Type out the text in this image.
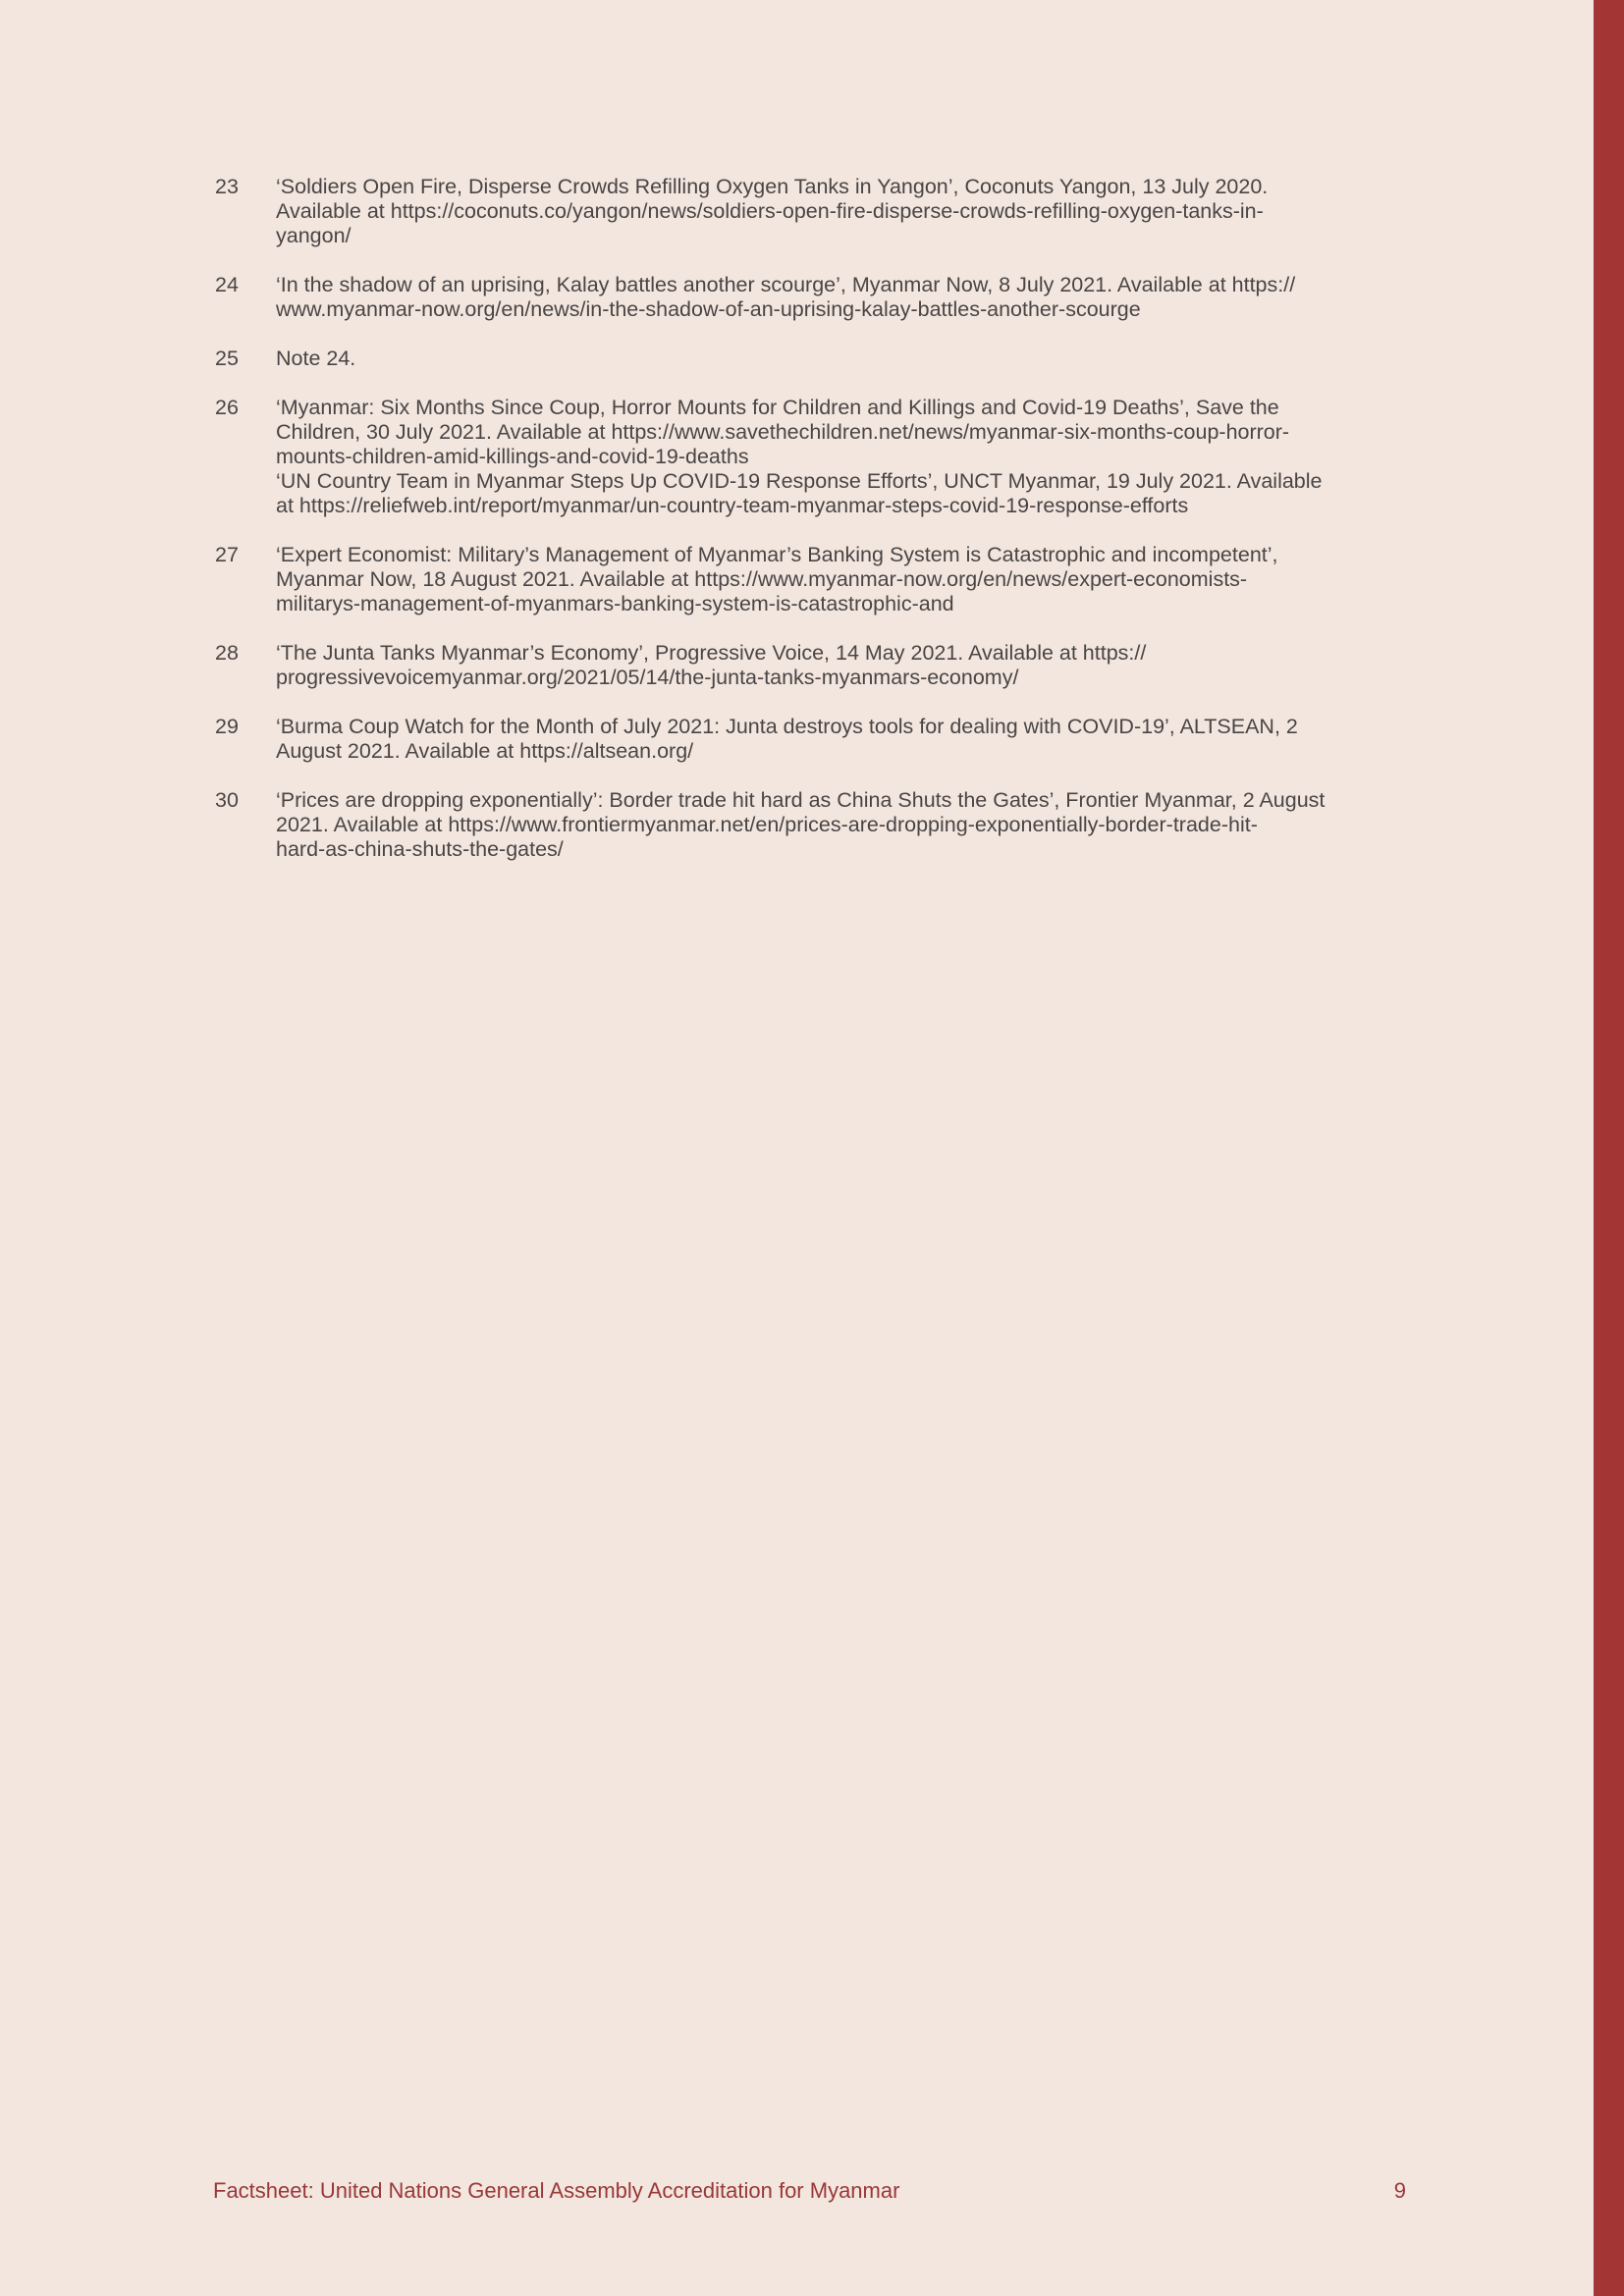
23	‘Soldiers Open Fire, Disperse Crowds Refilling Oxygen Tanks in Yangon’, Coconuts Yangon, 13 July 2020.
Available at https://coconuts.co/yangon/news/soldiers-open-fire-disperse-crowds-refilling-oxygen-tanks-in-
yangon/
24	‘In the shadow of an uprising, Kalay battles another scourge’, Myanmar Now, 8 July 2021. Available at https://
www.myanmar-now.org/en/news/in-the-shadow-of-an-uprising-kalay-battles-another-scourge
25	Note 24.
26	‘Myanmar: Six Months Since Coup, Horror Mounts for Children and Killings and Covid-19 Deaths’, Save the
Children, 30 July 2021. Available at https://www.savethechildren.net/news/myanmar-six-months-coup-horror-
mounts-children-amid-killings-and-covid-19-deaths
‘UN Country Team in Myanmar Steps Up COVID-19 Response Efforts’, UNCT Myanmar, 19 July 2021. Available
at https://reliefweb.int/report/myanmar/un-country-team-myanmar-steps-covid-19-response-efforts
27	‘Expert Economist: Military’s Management of Myanmar’s Banking System is Catastrophic and incompetent’,
Myanmar Now, 18 August 2021. Available at https://www.myanmar-now.org/en/news/expert-economists-
militarys-management-of-myanmars-banking-system-is-catastrophic-and
28	‘The Junta Tanks Myanmar’s Economy’, Progressive Voice, 14 May 2021. Available at https://
progressivevoicemyanmar.org/2021/05/14/the-junta-tanks-myanmars-economy/
29	‘Burma Coup Watch for the Month of July 2021: Junta destroys tools for dealing with COVID-19’, ALTSEAN, 2
August 2021. Available at https://altsean.org/
30	‘Prices are dropping exponentially’: Border trade hit hard as China Shuts the Gates’, Frontier Myanmar, 2 August
2021. Available at https://www.frontiermyanmar.net/en/prices-are-dropping-exponentially-border-trade-hit-
hard-as-china-shuts-the-gates/
Factsheet: United Nations General Assembly Accreditation for Myanmar	9
